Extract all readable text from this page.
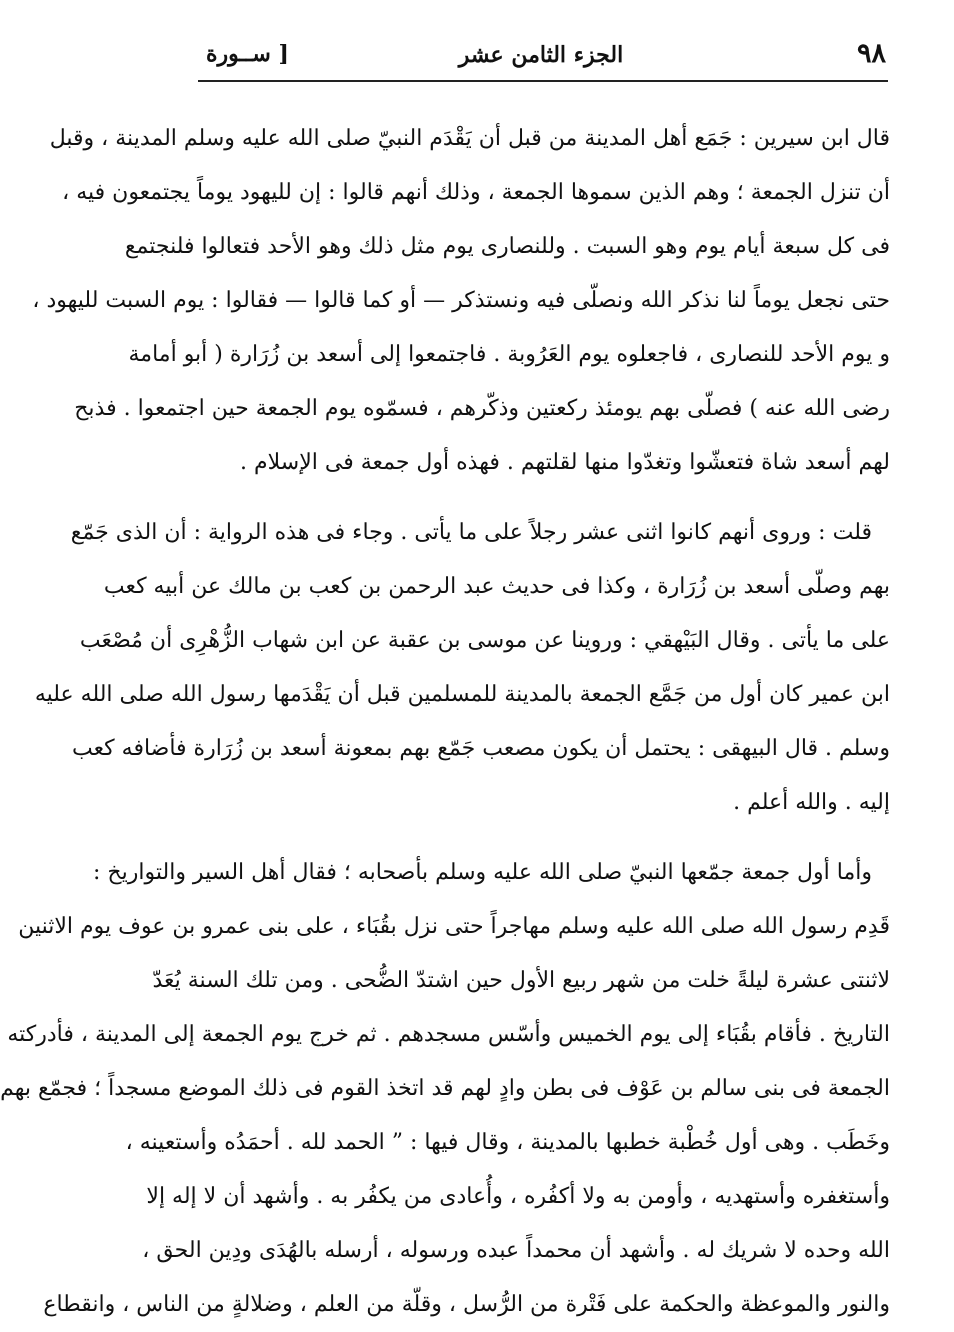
٩٨
الجزء الثامن عشر
[ ســورة
قال ابن سيرين : جَمَع أهل المدينة من قبل أن يَقْدَم النبيّ صلى الله عليه وسلم المدينة ، وقبل
أن تنزل الجمعة ؛ وهم الذين سموها الجمعة ، وذلك أنهم قالوا : إن لليهود يوماً يجتمعون فيه ،
فى كل سبعة أيام يوم وهو السبت . وللنصارى يوم مثل ذلك وهو الأحد فتعالوا فلنجتمع
حتى نجعل يوماً لنا نذكر الله ونصلّى فيه ونستذكر — أو كما قالوا — فقالوا : يوم السبت لليهود ،
و يوم الأحد للنصارى ، فاجعلوه يوم العَرُوبة . فاجتمعوا إلى أسعد بن زُرَارة ( أبو أمامة
رضى الله عنه ) فصلّى بهم يومئذ ركعتين وذكّرهم ، فسمّوه يوم الجمعة حين اجتمعوا . فذبح
لهم أسعد شاة فتعشّوا وتغدّوا منها لقلتهم . فهذه أول جمعة فى الإسلام .
قلت : وروى أنهم كانوا اثنى عشر رجلاً على ما يأتى . وجاء فى هذه الرواية : أن الذى جَمّع
بهم وصلّى أسعد بن زُرَارة ، وكذا فى حديث عبد الرحمن بن كعب بن مالك عن أبيه كعب
على ما يأتى . وقال البَيْهقي : وروينا عن موسى بن عقبة عن ابن شهاب الزُّهْرِى أن مُصْعَب
ابن عمير كان أول من جَمَّع الجمعة بالمدينة للمسلمين قبل أن يَقْدَمها رسول الله صلى الله عليه
وسلم . قال البيهقى : يحتمل أن يكون مصعب جَمّع بهم بمعونة أسعد بن زُرَارة فأضافه كعب
إليه . والله أعلم .
وأما أول جمعة جمّعها النبيّ صلى الله عليه وسلم بأصحابه ؛ فقال أهل السير والتواريخ :
قَدِم رسول الله صلى الله عليه وسلم مهاجراً حتى نزل بقُبَاء ، على بنى عمرو بن عوف يوم الاثنين
لاثنتى عشرة ليلةً خلت من شهر ربيع الأول حين اشتدّ الضُّحى . ومن تلك السنة يُعَدّ
التاريخ . فأقام بقُبَاء إلى يوم الخميس وأسّس مسجدهم . ثم خرج يوم الجمعة إلى المدينة ، فأدركته
الجمعة فى بنى سالم بن عَوْف فى بطن وادٍ لهم قد اتخذ القوم فى ذلك الموضع مسجداً ؛ فجمّع بهم
وخَطَب . وهى أول خُطْبة خطبها بالمدينة ، وقال فيها : ” الحمد لله . أحمَدُه وأستعينه ،
وأستغفره وأستهديه ، وأومن به ولا أكفُره ، وأُعادى من يكفُر به . وأشهد أن لا إله إلا
الله وحده لا شريك له . وأشهد أن محمداً عبده ورسوله ، أرسله بالهُدَى ودِين الحق ،
والنور والموعظة والحكمة على فَتْرة من الرُّسل ، وقلّة من العلم ، وضلالةٍ من الناس ، وانقطاع
